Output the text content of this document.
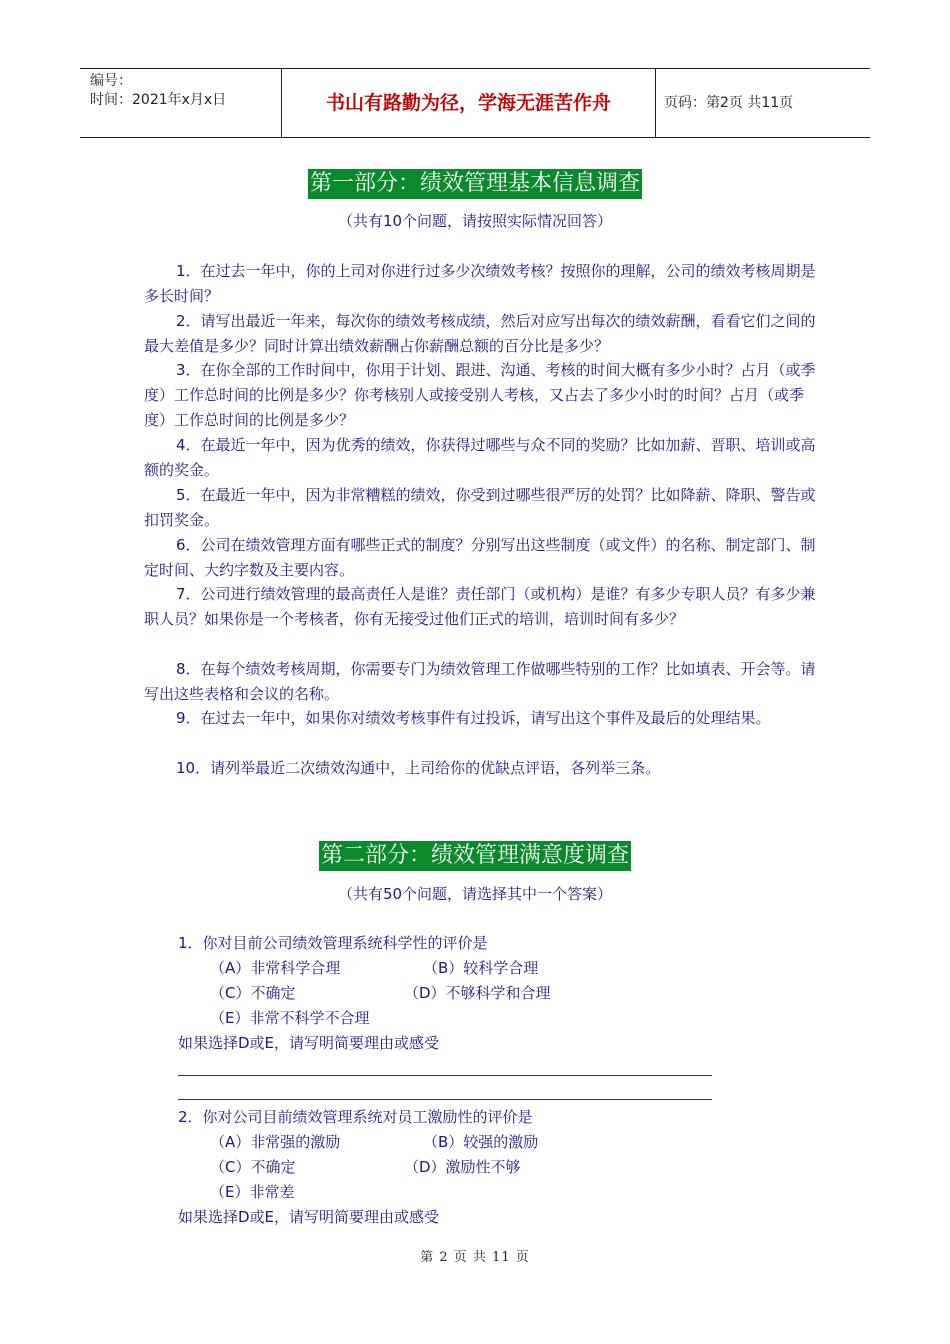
编号：
时间：2021年x月x日	书山有路勤为径，学海无涯苦作舟	页码：第2页 共11页
第一部分：绩效管理基本信息调查
（共有10个问题，请按照实际情况回答）

1．在过去一年中，你的上司对你进行过多少次绩效考核？按照你的理解，公司的绩效考核周期是多长时间？

2．请写出最近一年来，每次你的绩效考核成绩，然后对应写出每次的绩效薪酬，看看它们之间的最大差值是多少？同时计算出绩效薪酬占你薪酬总额的百分比是多少？

3．在你全部的工作时间中，你用于计划、跟进、沟通、考核的时间大概有多少小时？占月（或季度）工作总时间的比例是多少？你考核别人或接受别人考核，又占去了多少小时的时间？占月（或季度）工作总时间的比例是多少？

4．在最近一年中，因为优秀的绩效，你获得过哪些与众不同的奖励？比如加薪、晋职、培训或高额的奖金。

5．在最近一年中，因为非常糟糕的绩效，你受到过哪些很严厉的处罚？比如降薪、降职、警告或扣罚奖金。

6．公司在绩效管理方面有哪些正式的制度？分别写出这些制度（或文件）的名称、制定部门、制定时间、大约字数及主要内容。

7．公司进行绩效管理的最高责任人是谁？责任部门（或机构）是谁？有多少专职人员？有多少兼职人员？如果你是一个考核者，你有无接受过他们正式的培训，培训时间有多少？

8．在每个绩效考核周期，你需要专门为绩效管理工作做哪些特别的工作？比如填表、开会等。请写出这些表格和会议的名称。

9．在过去一年中，如果你对绩效考核事件有过投诉，请写出这个事件及最后的处理结果。

10．请列举最近二次绩效沟通中，上司给你的优缺点评语，各列举三条。

第二部分：绩效管理满意度调查
（共有50个问题，请选择其中一个答案）
1．你对目前公司绩效管理系统科学性的评价是
（A）非常科学合理	（B）较科学合理
（C）不确定	（D）不够科学和合理
（E）非常不科学不合理
如果选择D或E，请写明简要理由或感受
2．你对公司目前绩效管理系统对员工激励性的评价是
（A）非常强的激励	（B）较强的激励
（C）不确定	（D）激励性不够
（E）非常差
如果选择D或E，请写明简要理由或感受
第 2 页 共 11 页
